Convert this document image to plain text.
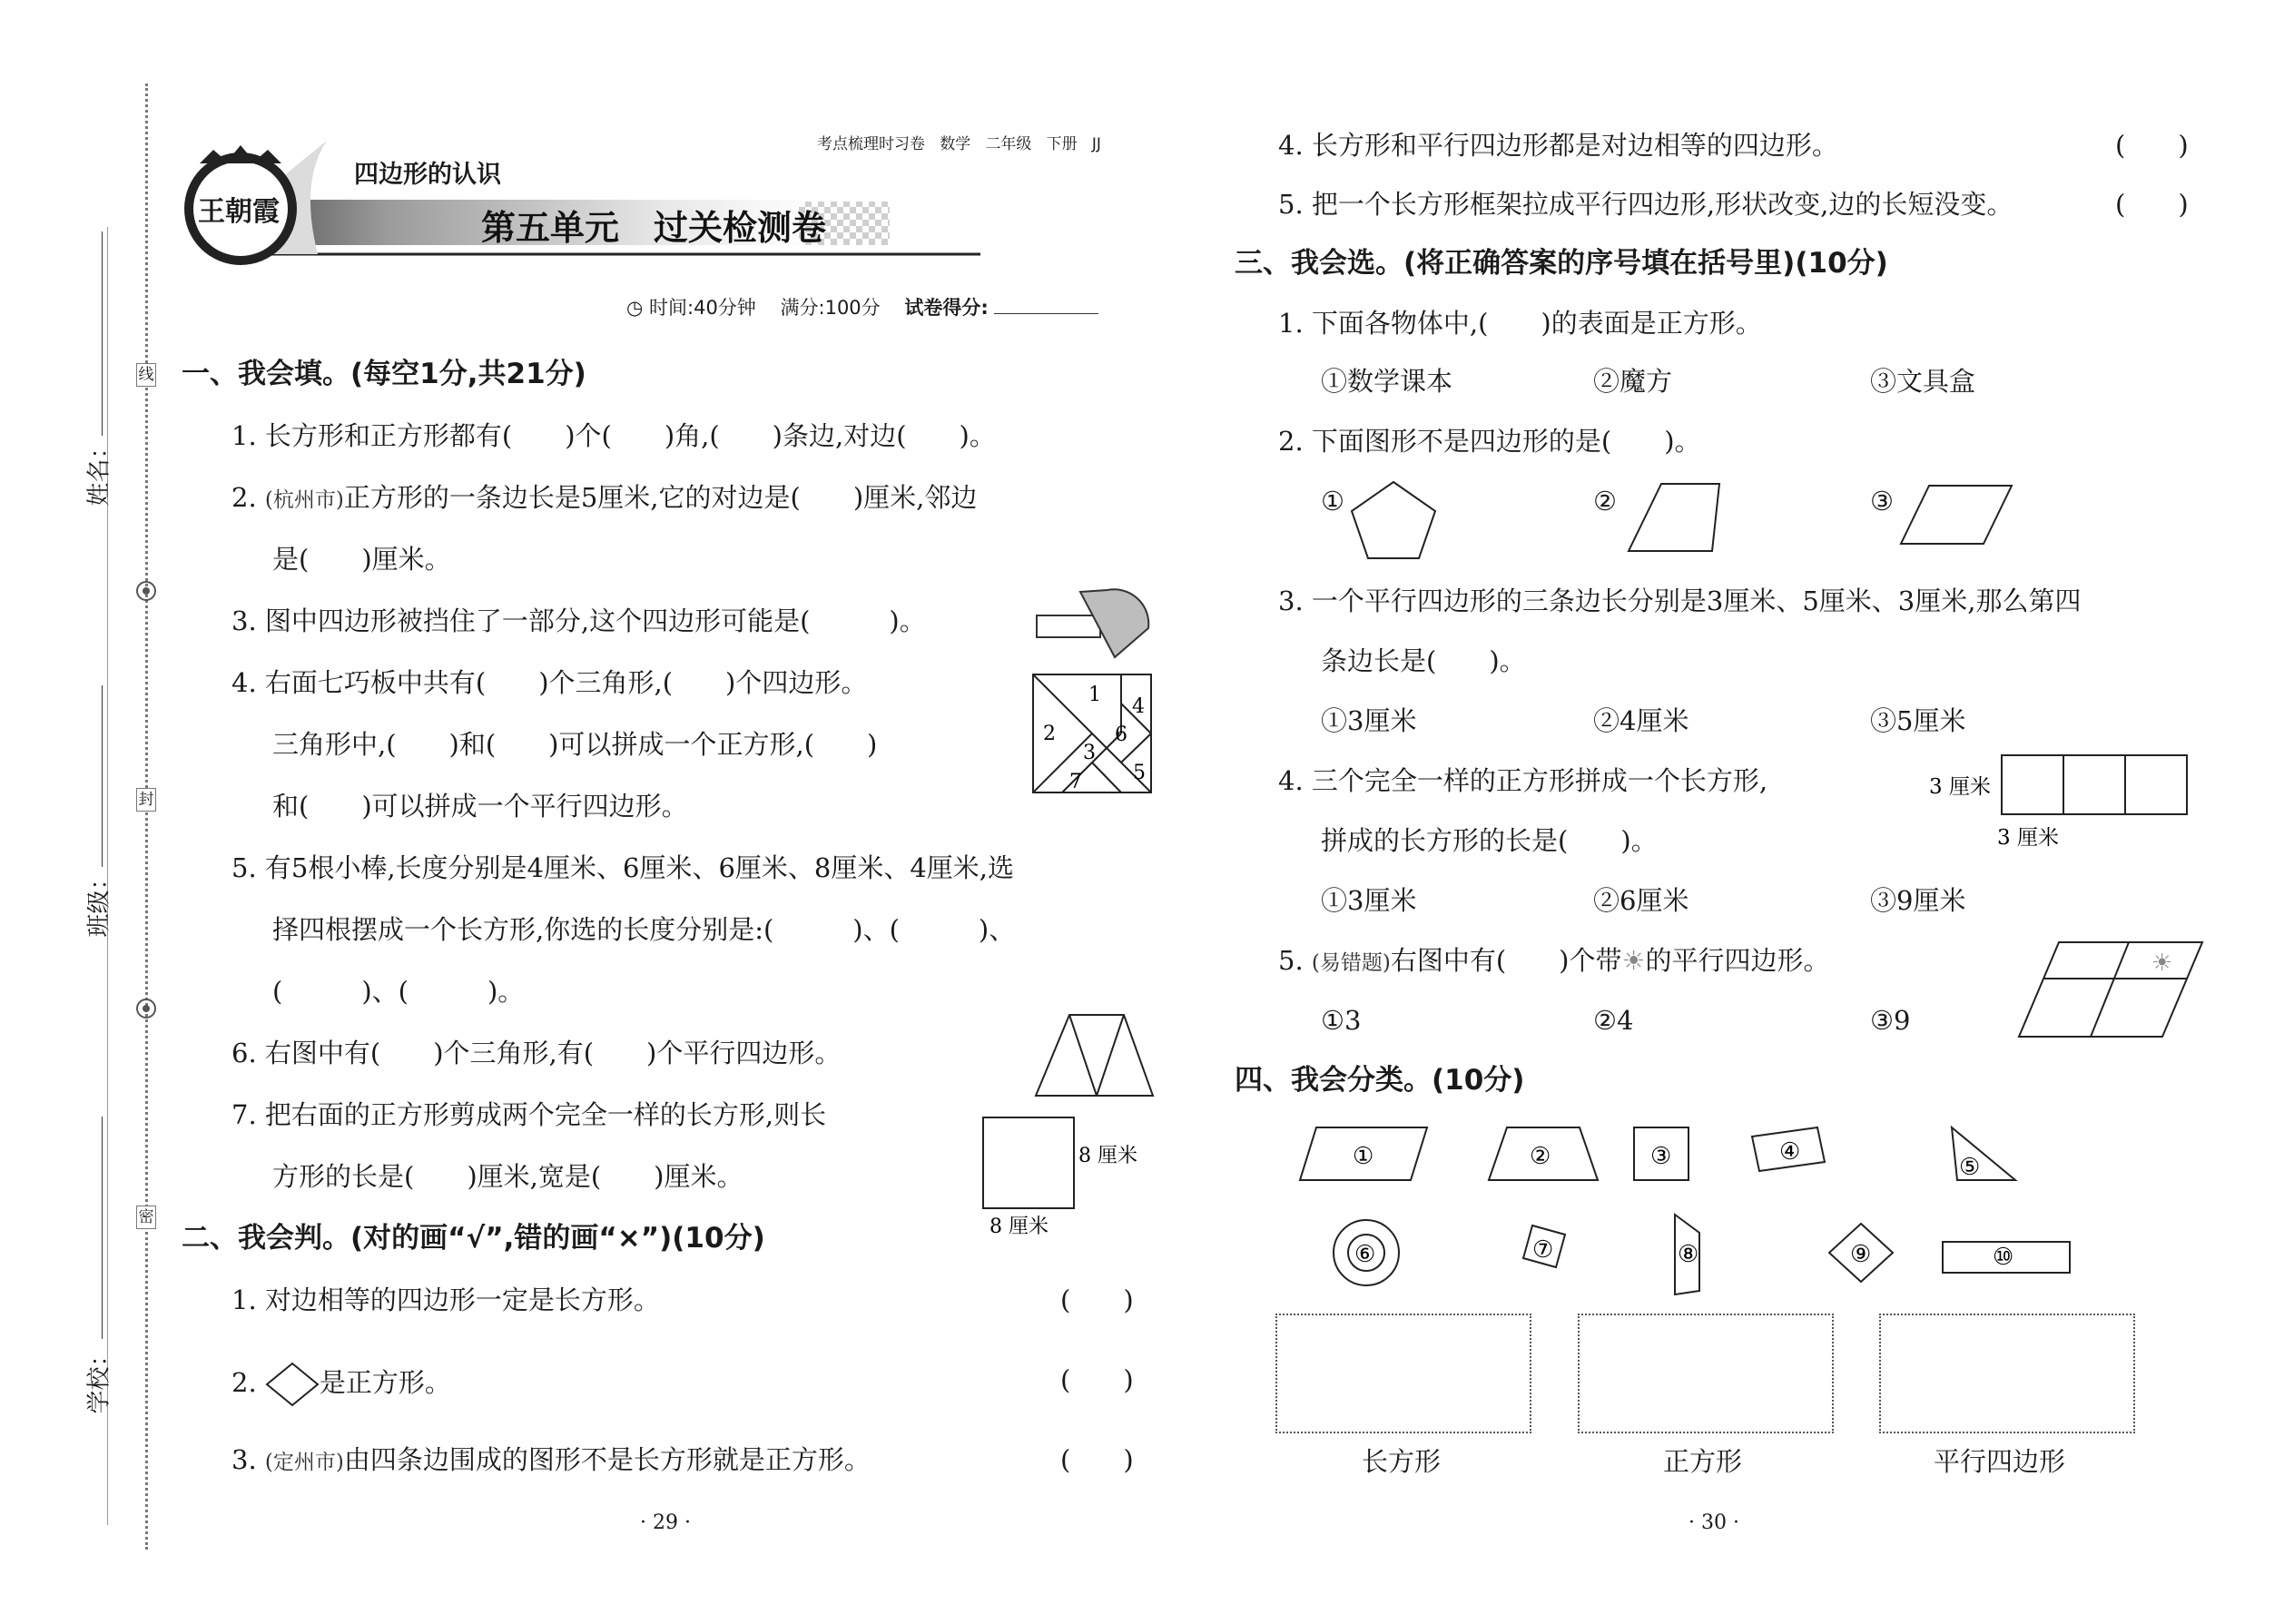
姓名：
班级：
学校：
线
封
密
王朝霞
四边形的认识
第五单元　过关检测卷
考点梳理时习卷 数学 二年级 下册 JJ
◷ 时间:40分钟 满分:100分 试卷得分:
一、我会填。(每空1分,共21分)
1. 长方形和正方形都有(　　)个(　　)角,(　　)条边,对边(　　)。
2. (杭州市)正方形的一条边长是5厘米,它的对边是(　　)厘米,邻边
是(　　)厘米。
3. 图中四边形被挡住了一部分,这个四边形可能是(　　　)。
4. 右面七巧板中共有(　　)个三角形,(　　)个四边形。
三角形中,(　　)和(　　)可以拼成一个正方形,(　　)
和(　　)可以拼成一个平行四边形。
1
2
3
4
5
6
7
5. 有5根小棒,长度分别是4厘米、6厘米、6厘米、8厘米、4厘米,选
择四根摆成一个长方形,你选的长度分别是:(　　　)、(　　　)、
(　　　)、(　　　)。
6. 右图中有(　　)个三角形,有(　　)个平行四边形。
7. 把右面的正方形剪成两个完全一样的长方形,则长
方形的长是(　　)厘米,宽是(　　)厘米。
8 厘米
8 厘米
二、我会判。(对的画“√”,错的画“×”)(10分)
1. 对边相等的四边形一定是长方形。	(　　)
2. 是正方形。	(　　)
3. (定州市)由四条边围成的图形不是长方形就是正方形。	(　　)
· 29 ·
4. 长方形和平行四边形都是对边相等的四边形。	(　　)
5. 把一个长方形框架拉成平行四边形,形状改变,边的长短没变。	(　　)
三、我会选。(将正确答案的序号填在括号里)(10分)
1. 下面各物体中,(　　)的表面是正方形。
①数学课本	②魔方	③文具盒
2. 下面图形不是四边形的是(　　)。
①	②	③
3. 一个平行四边形的三条边长分别是3厘米、5厘米、3厘米,那么第四
条边长是(　　)。
①3厘米	②4厘米	③5厘米
4. 三个完全一样的正方形拼成一个长方形,
拼成的长方形的长是(　　)。
3 厘米
3 厘米
①3厘米	②6厘米	③9厘米
5. (易错题)右图中有(　　)个带☀的平行四边形。	☀
①3	②4	③9
四、我会分类。(10分)
①	②	③	④
⑤
⑥	⑦	⑧	⑨	⑩
长方形	正方形	平行四边形
· 30 ·
